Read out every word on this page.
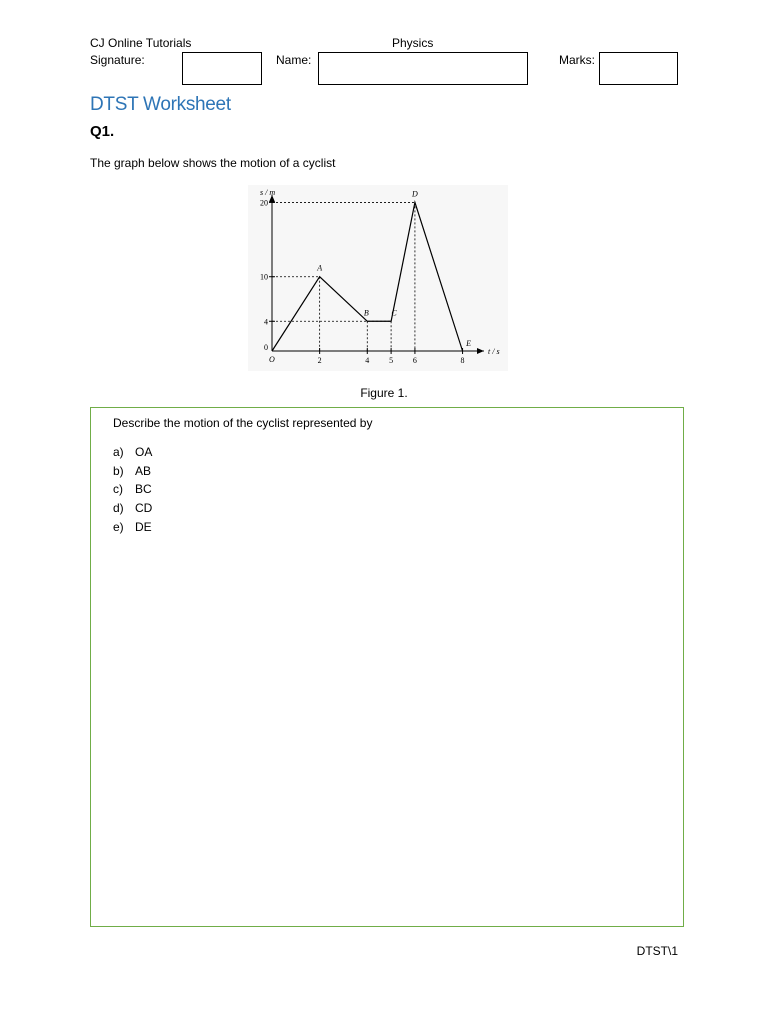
CJ Online Tutorials	Physics
Signature:	Name:	Marks:
DTST Worksheet
Q1.
The graph below shows the motion of a cyclist
s / m
t / s
0
O
4
10
20
2	4 5 6	8
A
B	C
D
E
Figure 1.
Describe the motion of the cyclist represented by
a) OA
b) AB
c)	BC
d) CD
e) DE
DTST\1
